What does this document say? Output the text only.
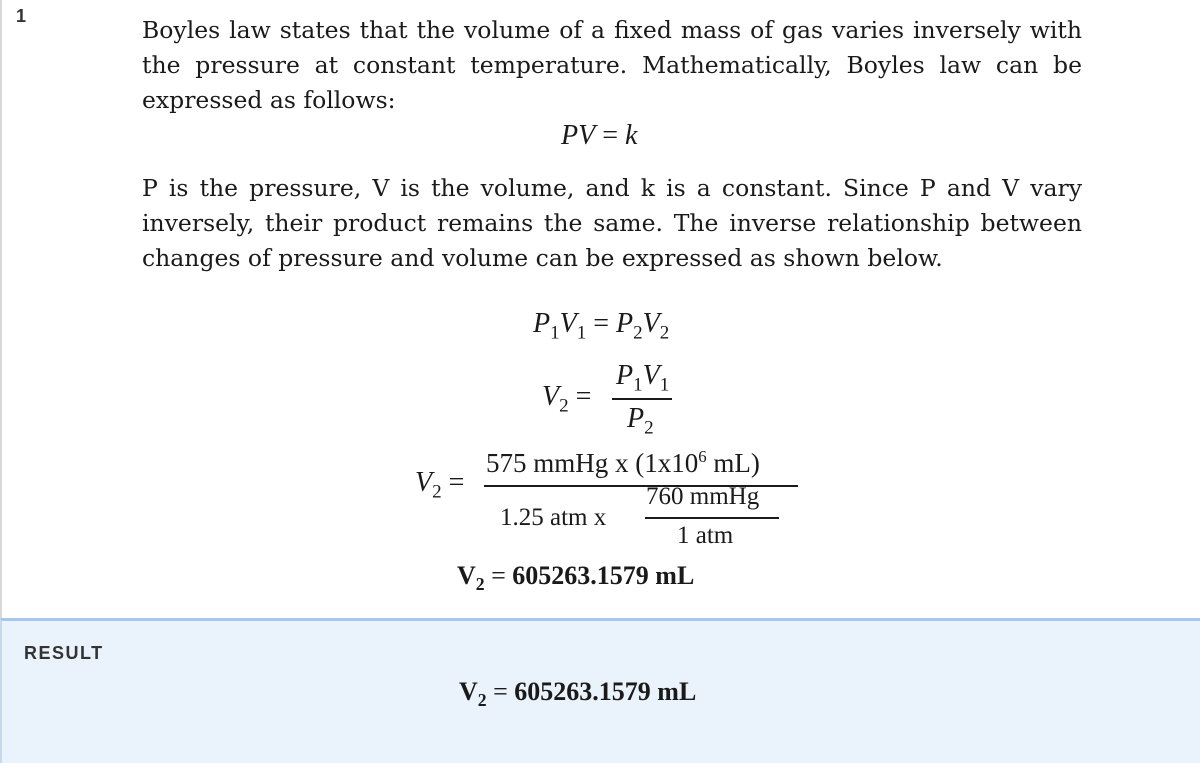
1	Boyles law states that the volume of a fixed mass of gas varies inversely with the pressure at constant temperature. Mathematically, Boyles law can be expressed as follows:

PV = k

P is the pressure, V is the volume, and k is a constant. Since P and V vary inversely, their product remains the same. The inverse relationship between changes of pressure and volume can be expressed as shown below.

$P_1V_1 = P_2V_2$
$V_2$ =
$P_1V_1$
$P_2$
$V_2$ =
575 mmHg x ($1x10^6$ mL)
1.25 atm x
760 mmHg
1 atm
$V_2 = 605263.1579$ mL
RESULT
$V_2 = 605263.1579$ mL
